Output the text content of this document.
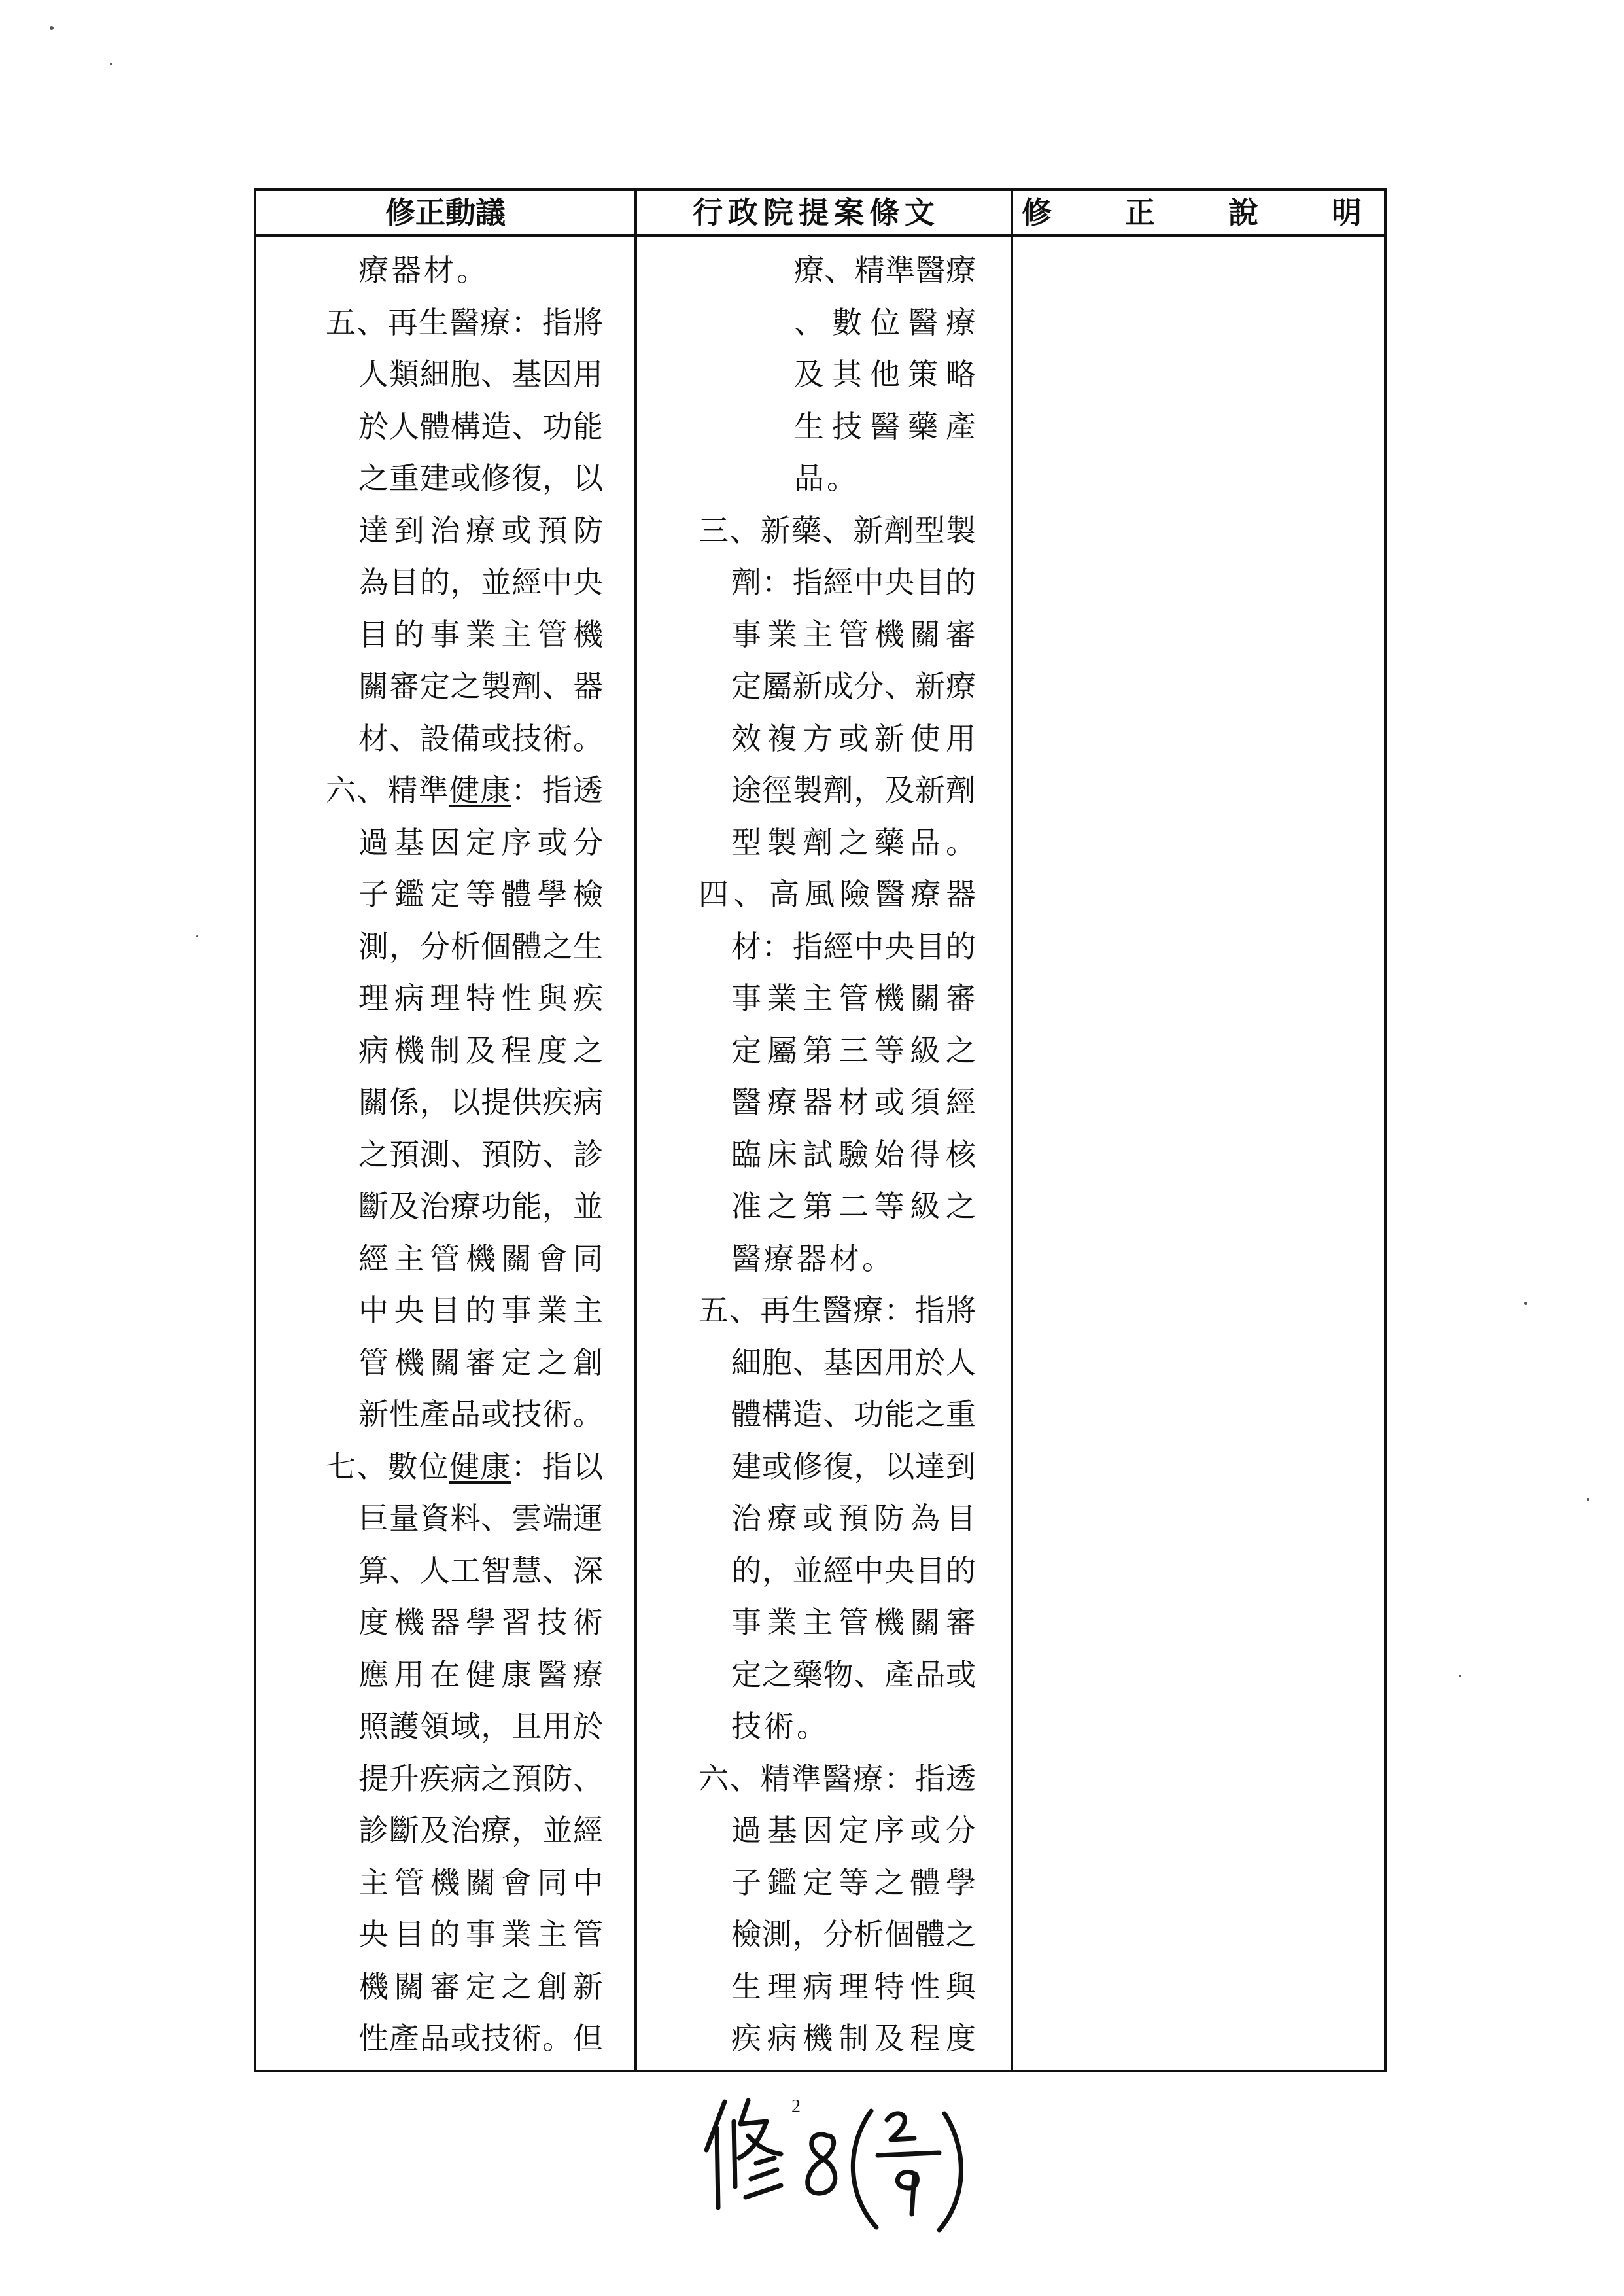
修正動議	行政院提案條文	修　　正　　說　　明
療器材。
五、再生醫療：指將
人類細胞、基因用
於人體構造、功能
之重建或修復，以
達到治療或預防
為目的，並經中央
目的事業主管機
關審定之製劑、器
材、設備或技術。
六、精準健康：指透
過基因定序或分
子鑑定等體學檢
測，分析個體之生
理病理特性與疾
病機制及程度之
關係，以提供疾病
之預測、預防、診
斷及治療功能，並
經主管機關會同
中央目的事業主
管機關審定之創
新性產品或技術。
七、數位健康：指以
巨量資料、雲端運
算、人工智慧、深
度機器學習技術
應用在健康醫療
照護領域，且用於
提升疾病之預防、
診斷及治療，並經
主管機關會同中
央目的事業主管
機關審定之創新
性產品或技術。但
療、精準醫療
、數位醫療
及其他策略
生技醫藥產
品。
三、新藥、新劑型製
劑：指經中央目的
事業主管機關審
定屬新成分、新療
效複方或新使用
途徑製劑，及新劑
型製劑之藥品。
四、高風險醫療器
材：指經中央目的
事業主管機關審
定屬第三等級之
醫療器材或須經
臨床試驗始得核
准之第二等級之
醫療器材。
五、再生醫療：指將
細胞、基因用於人
體構造、功能之重
建或修復，以達到
治療或預防為目
的，並經中央目的
事業主管機關審
定之藥物、產品或
技術。
六、精準醫療：指透
過基因定序或分
子鑑定等之體學
檢測，分析個體之
生理病理特性與
疾病機制及程度
2
